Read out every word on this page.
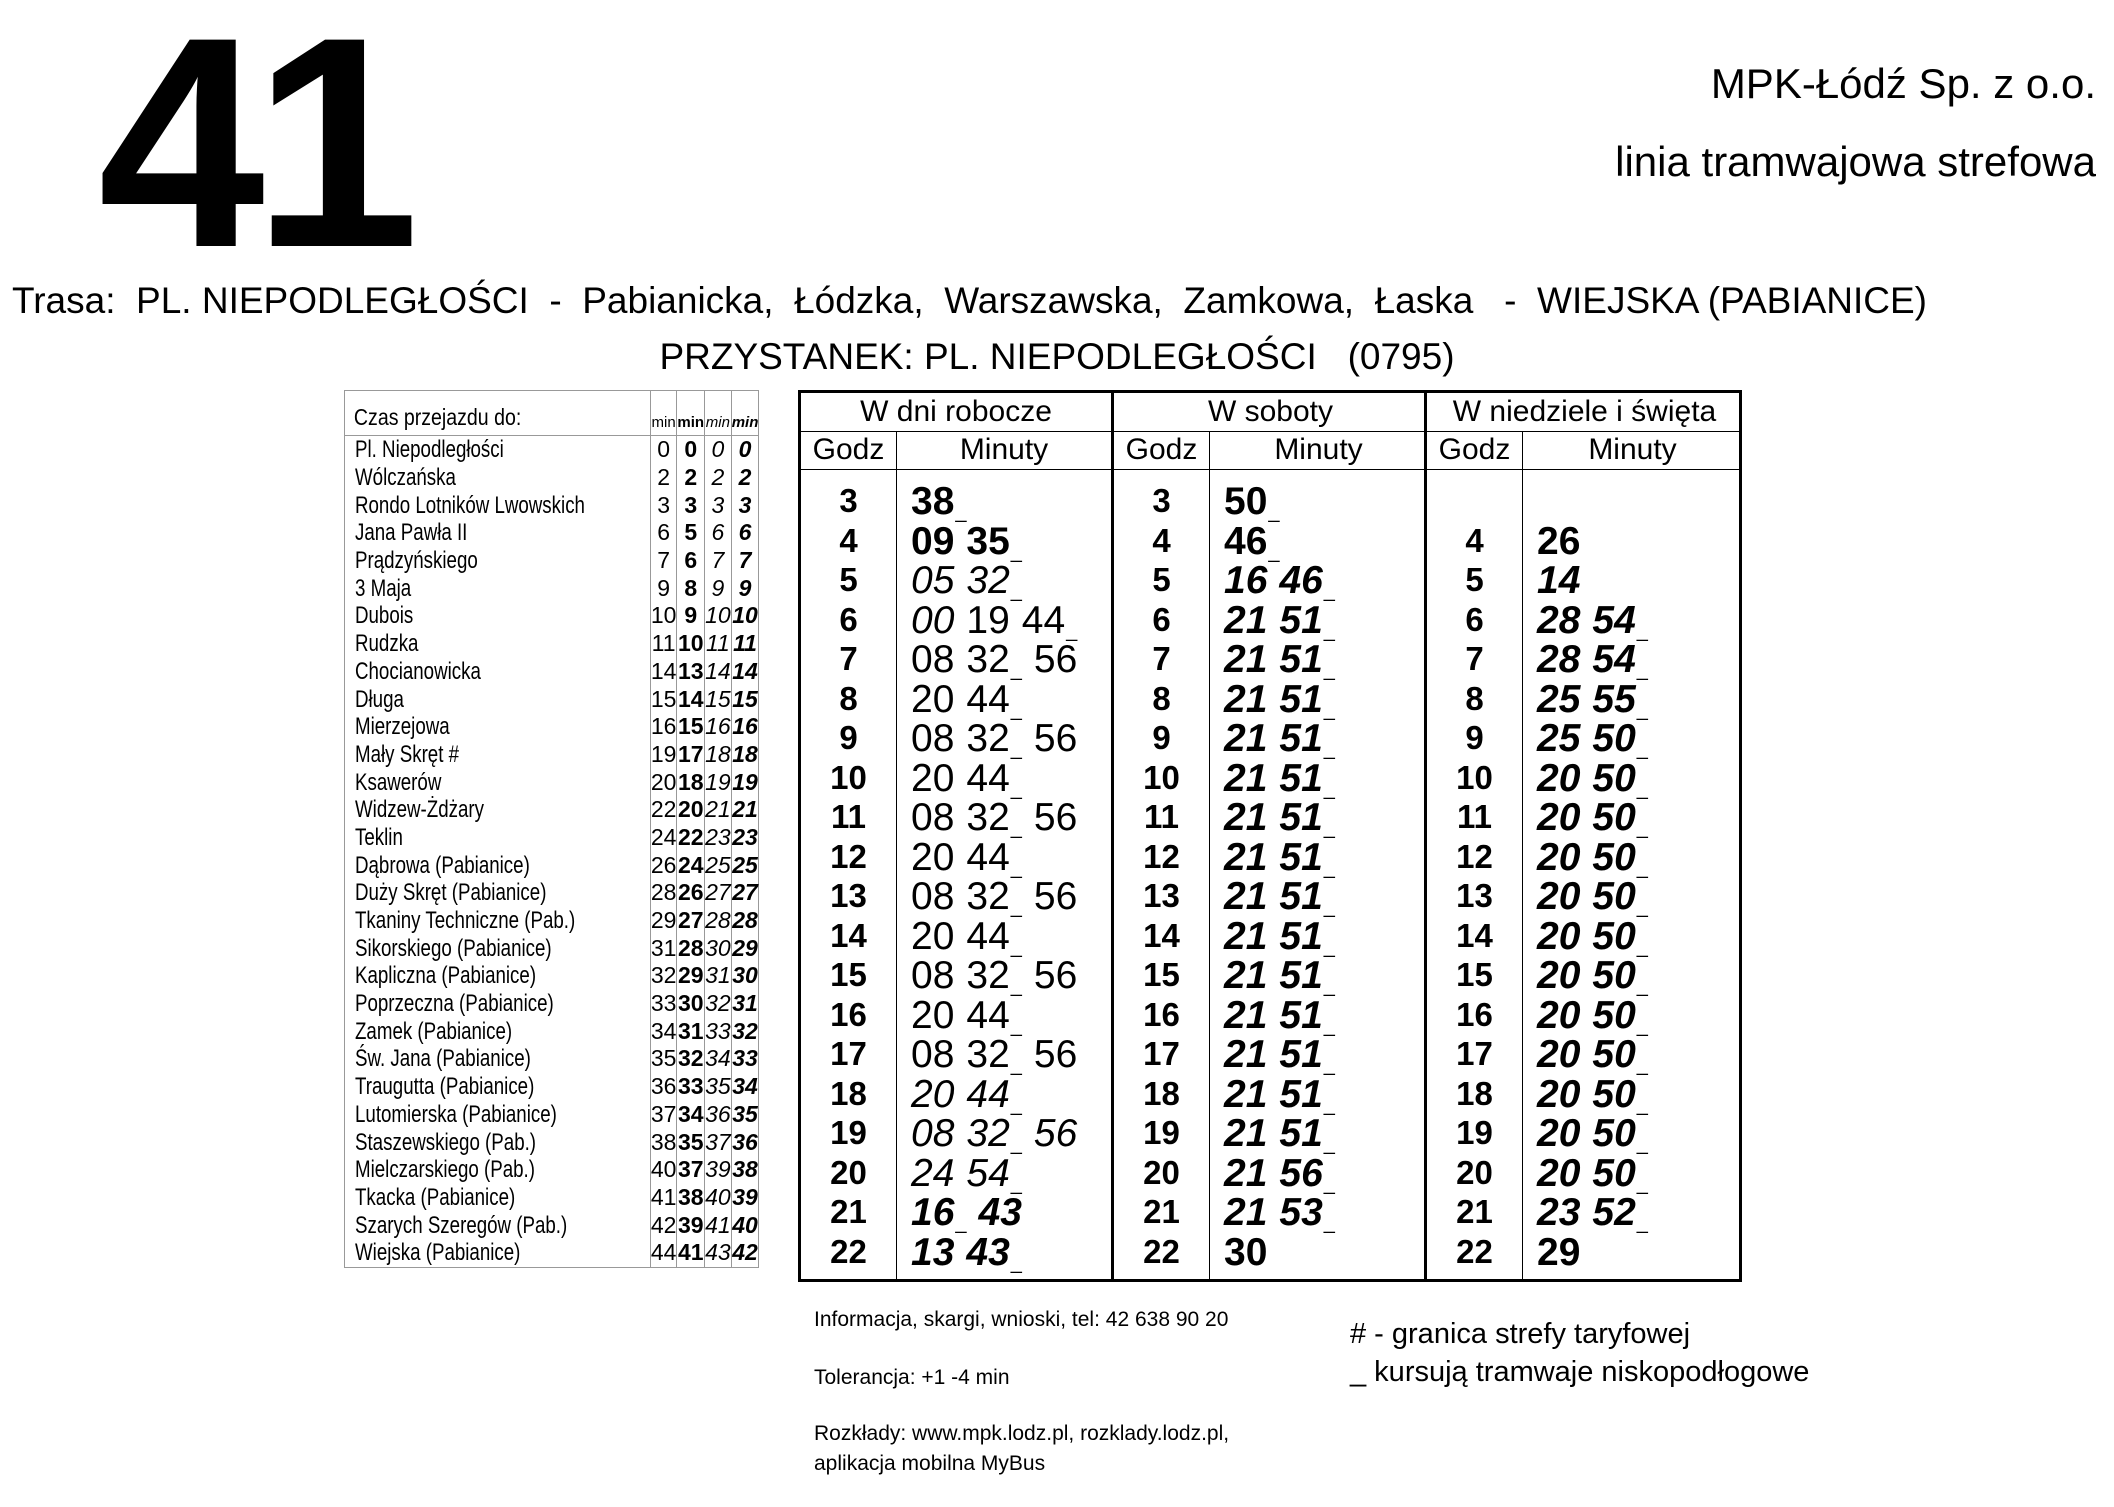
41	MPK-Łódź Sp. z o.o.
linia tramwajowa strefowa
Trasa:  PL. NIEPODLEGŁOŚCI  -  Pabianicka,  Łódzka,  Warszawska,  Zamkowa,  Łaska   -  WIEJSKA (PABIANICE)
PRZYSTANEK: PL. NIEPODLEGŁOŚCI   (0795)
Czas przejazdu do:	min	min	min	min
Pl. Niepodległości	0	0	0	0
Wólczańska	2	2	2	2
Rondo Lotników Lwowskich	3	3	3	3
Jana Pawła II	6	5	6	6
Prądzyńskiego	7	6	7	7
3 Maja	9	8	9	9
Dubois	10	9	10	10
Rudzka	11	10	11	11
Chocianowicka	14	13	14	14
Długa	15	14	15	15
Mierzejowa	16	15	16	16
Mały Skręt #	19	17	18	18
Ksawerów	20	18	19	19
Widzew-Żdżary	22	20	21	21
Teklin	24	22	23	23
Dąbrowa (Pabianice)	26	24	25	25
Duży Skręt (Pabianice)	28	26	27	27
Tkaniny Techniczne (Pab.)	29	27	28	28
Sikorskiego (Pabianice)	31	28	30	29
Kapliczna (Pabianice)	32	29	31	30
Poprzeczna (Pabianice)	33	30	32	31
Zamek (Pabianice)	34	31	33	32
Św. Jana (Pabianice)	35	32	34	33
Traugutta (Pabianice)	36	33	35	34
Lutomierska (Pabianice)	37	34	36	35
Staszewskiego (Pab.)	38	35	37	36
Mielczarskiego (Pab.)	40	37	39	38
Tkacka (Pabianice)	41	38	40	39
Szarych Szeregów (Pab.)	42	39	41	40
Wiejska (Pabianice)	44	41	43	42
W dni robocze
Godz	Minuty
3	38_
4	09 35_
5	05 32_
6	00 19 44_
7	08 32_ 56
8	20 44_
9	08 32_ 56
10	20 44_
11	08 32_ 56
12	20 44_
13	08 32_ 56
14	20 44_
15	08 32_ 56
16	20 44_
17	08 32_ 56
18	20 44_
19	08 32_ 56
20	24 54_
21	16_ 43
22	13 43_
W soboty
Godz	Minuty
3	50_
4	46_
5	16 46_
6	21 51_
7	21 51_
8	21 51_
9	21 51_
10	21 51_
11	21 51_
12	21 51_
13	21 51_
14	21 51_
15	21 51_
16	21 51_
17	21 51_
18	21 51_
19	21 51_
20	21 56_
21	21 53_
22	30
W niedziele i święta
Godz	Minuty
4	26
5	14
6	28 54_
7	28 54_
8	25 55_
9	25 50_
10	20 50_
11	20 50_
12	20 50_
13	20 50_
14	20 50_
15	20 50_
16	20 50_
17	20 50_
18	20 50_
19	20 50_
20	20 50_
21	23 52_
22	29
Informacja, skargi, wnioski, tel: 42 638 90 20
Tolerancja: +1 -4 min
Rozkłady: www.mpk.lodz.pl, rozklady.lodz.pl,
aplikacja mobilna MyBus
# - granica strefy taryfowej
_ kursują tramwaje niskopodłogowe
